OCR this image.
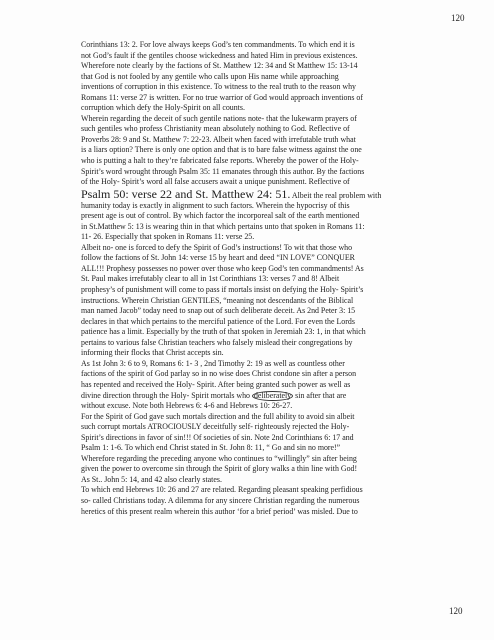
120
Corinthians 13: 2. For love always keeps God’s ten commandments. To which end it is
not God’s fault if the gentiles choose wickedness and hated Him in previous existences.
Wherefore note clearly by the factions of St. Matthew 12: 34 and St Matthew 15: 13-14
that God is not fooled by any gentile who calls upon His name while approaching
inventions of corruption in this existence. To witness to the real truth to the reason why
Romans 11: verse 27 is written. For no true warrior of God would approach inventions of
corruption which defy the Holy-Spirit on all counts.
Wherein regarding the deceit of such gentile nations note- that the lukewarm prayers of
such gentiles who profess Christianity mean absolutely nothing to God. Reflective of
Proverbs 28: 9 and St. Matthew 7: 22-23. Albeit when faced with irrefutable truth what
is a liars option? There is only one option and that is to bare false witness against the one
who is putting a halt to they’re fabricated false reports. Whereby the power of the Holy-
Spirit’s word wrought through Psalm 35: 11 emanates through this author. By the factions
of the Holy- Spirit’s word all false accusers await a unique punishment. Reflective of
Psalm 50: verse 22 and St. Matthew 24: 51. Albeit the real problem with
humanity today is exactly in alignment to such factors. Wherein the hypocrisy of this
present age is out of control. By which factor the incorporeal salt of the earth mentioned
in St.Matthew 5: 13 is wearing thin in that which pertains unto that spoken in Romans 11:
11- 26. Especially that spoken in Romans 11: verse 25.
Albeit no- one is forced to defy the Spirit of God’s instructions! To wit that those who
follow the factions of St. John 14: verse 15 by heart and deed “IN LOVE” CONQUER
ALL!!! Prophesy possesses no power over those who keep God’s ten commandments! As
St. Paul makes irrefutably clear to all in 1st Corinthians 13: verses 7 and 8! Albeit
prophesy’s of punishment will come to pass if mortals insist on defying the Holy- Spirit’s
instructions. Wherein Christian GENTILES, “meaning not descendants of the Biblical
man named Jacob” today need to snap out of such deliberate deceit. As 2nd Peter 3: 15
declares in that which pertains to the merciful patience of the Lord. For even the Lords
patience has a limit. Especially by the truth of that spoken in Jeremiah 23: 1, in that which
pertains to various false Christian teachers who falsely mislead their congregations by
informing their flocks that Christ accepts sin.
As 1st John 3: 6 to 9, Romans 6: 1- 3 , 2nd Timothy 2: 19 as well as countless other
factions of the spirit of God parlay so in no wise does Christ condone sin after a person
has repented and received the Holy- Spirit. After being granted such power as well as
divine direction through the Holy- Spirit mortals who deliberately sin after that are
without excuse. Note both Hebrews 6: 4-6 and Hebrews 10: 26-27.
For the Spirit of God gave such mortals direction and the full ability to avoid sin albeit
such corrupt mortals ATROCIOUSLY deceitfully self- righteously rejected the Holy-
Spirit’s directions in favor of sin!!! Of societies of sin. Note 2nd Corinthians 6: 17 and
Psalm 1: 1-6. To which end Christ stated in St. John 8: 11, “ Go and sin no more!”
Wherefore regarding the preceding anyone who continues to “willingly” sin after being
given the power to overcome sin through the Spirit of glory walks a thin line with God!
As St.. John 5: 14, and 42 also clearly states.
To which end Hebrews 10: 26 and 27 are related. Regarding pleasant speaking perfidious
so- called Christians today. A dilemma for any sincere Christian regarding the numerous
heretics of this present realm wherein this author ‘for a brief period’ was misled. Due to
120
